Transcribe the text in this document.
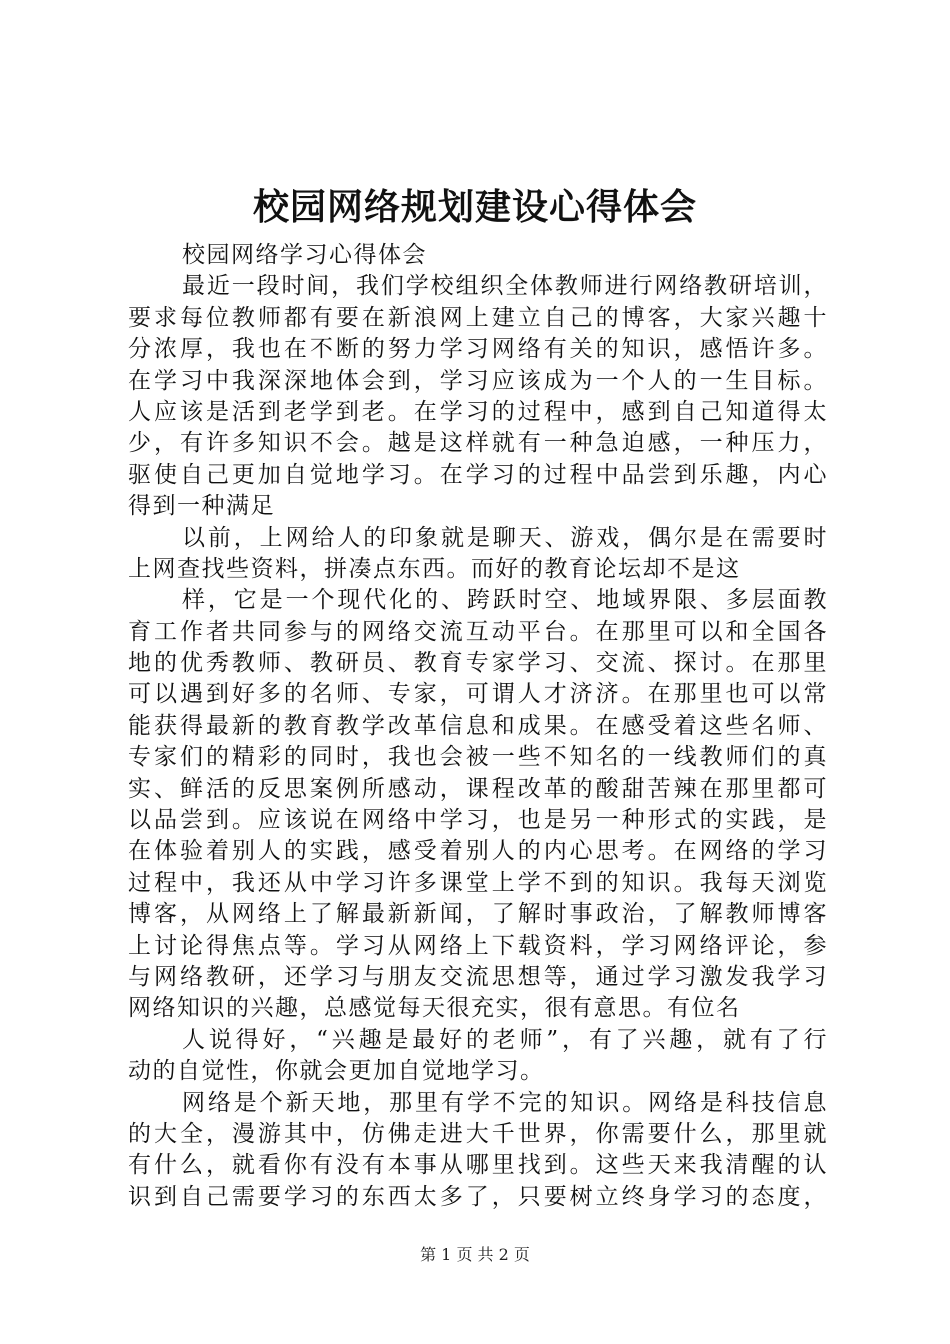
校园网络规划建设心得体会
校园网络学习心得体会
最近一段时间，我们学校组织全体教师进行网络教研培训，
要求每位教师都有要在新浪网上建立自己的博客，大家兴趣十
分浓厚，我也在不断的努力学习网络有关的知识，感悟许多。
在学习中我深深地体会到，学习应该成为一个人的一生目标。
人应该是活到老学到老。在学习的过程中，感到自己知道得太
少，有许多知识不会。越是这样就有一种急迫感，一种压力，
驱使自己更加自觉地学习。在学习的过程中品尝到乐趣，内心
得到一种满足
以前，上网给人的印象就是聊天、游戏，偶尔是在需要时
上网查找些资料，拼凑点东西。而好的教育论坛却不是这
样，它是一个现代化的、跨跃时空、地域界限、多层面教
育工作者共同参与的网络交流互动平台。在那里可以和全国各
地的优秀教师、教研员、教育专家学习、交流、探讨。在那里
可以遇到好多的名师、专家，可谓人才济济。在那里也可以常
能获得最新的教育教学改革信息和成果。在感受着这些名师、
专家们的精彩的同时，我也会被一些不知名的一线教师们的真
实、鲜活的反思案例所感动，课程改革的酸甜苦辣在那里都可
以品尝到。应该说在网络中学习，也是另一种形式的实践，是
在体验着别人的实践，感受着别人的内心思考。在网络的学习
过程中，我还从中学习许多课堂上学不到的知识。我每天浏览
博客，从网络上了解最新新闻，了解时事政治，了解教师博客
上讨论得焦点等。学习从网络上下载资料，学习网络评论，参
与网络教研，还学习与朋友交流思想等，通过学习激发我学习
网络知识的兴趣，总感觉每天很充实，很有意思。有位名
人说得好，“兴趣是最好的老师”，有了兴趣，就有了行
动的自觉性，你就会更加自觉地学习。
网络是个新天地，那里有学不完的知识。网络是科技信息
的大全，漫游其中，仿佛走进大千世界，你需要什么，那里就
有什么，就看你有没有本事从哪里找到。这些天来我清醒的认
识到自己需要学习的东西太多了，只要树立终身学习的态度，
第 1 页 共 2 页
